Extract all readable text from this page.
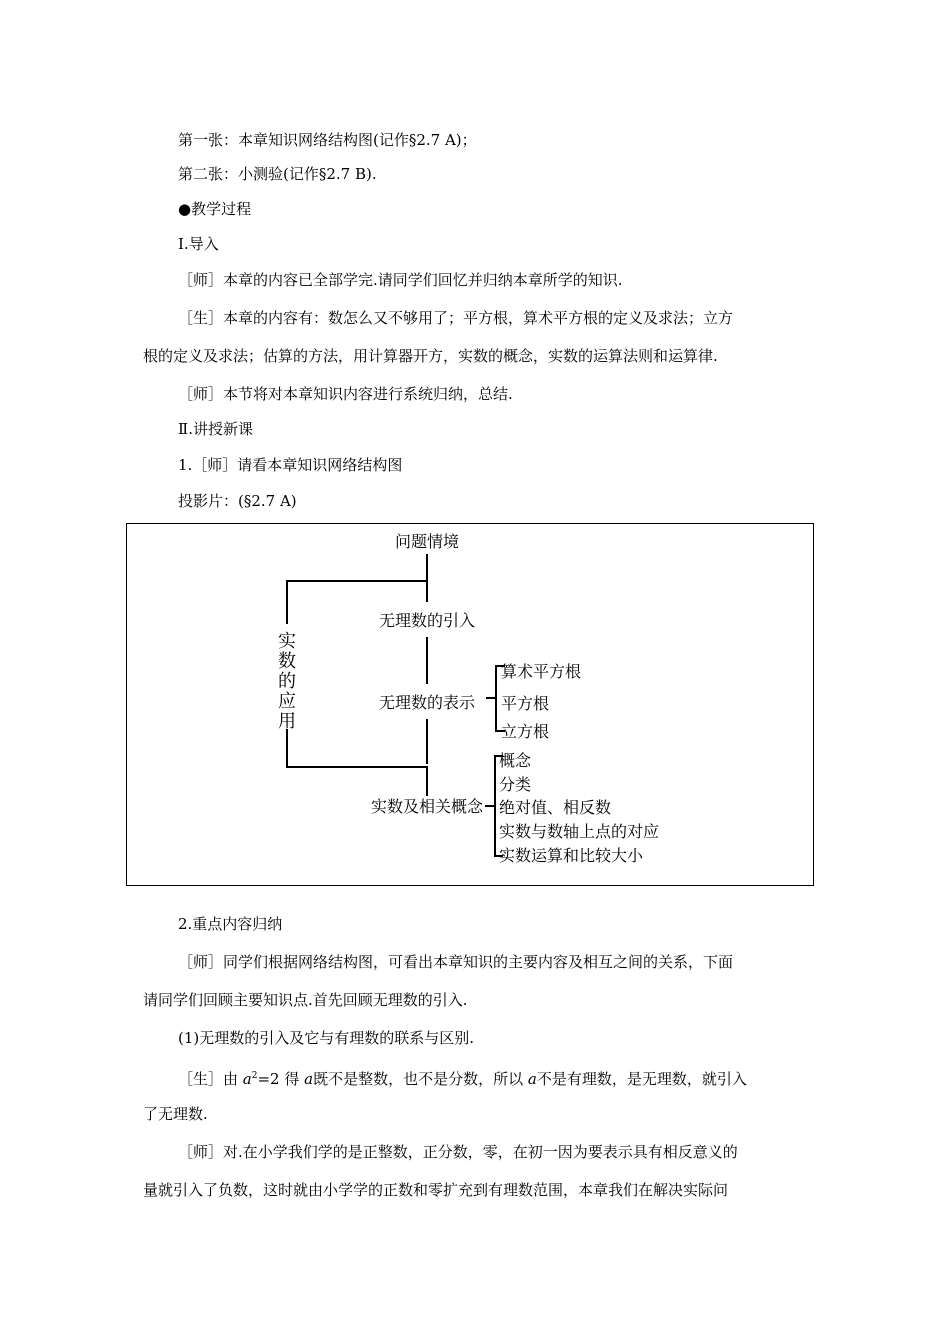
第一张：本章知识网络结构图(记作§2.7 A)；
第二张：小测验(记作§2.7 B).
●教学过程
Ⅰ.导入
［师］本章的内容已全部学完.请同学们回忆并归纳本章所学的知识.
［生］本章的内容有：数怎么又不够用了；平方根，算术平方根的定义及求法；立方
根的定义及求法；估算的方法，用计算器开方，实数的概念，实数的运算法则和运算律.
［师］本节将对本章知识内容进行系统归纳，总结.
Ⅱ.讲授新课
1.［师］请看本章知识网络结构图
投影片：(§2.7 A)
问题情境
实
数
的
应
用
无理数的引入
无理数的表示
实数及相关概念
算术平方根
平方根
立方根
概念
分类
绝对值、相反数
实数与数轴上点的对应
实数运算和比较大小
2.重点内容归纳
［师］同学们根据网络结构图，可看出本章知识的主要内容及相互之间的关系，下面
请同学们回顾主要知识点.首先回顾无理数的引入.
(1)无理数的引入及它与有理数的联系与区别.
［生］由 $a^2=2$ 得 a既不是整数，也不是分数，所以 a不是有理数，是无理数，就引入
了无理数.
［师］对.在小学我们学的是正整数，正分数，零，在初一因为要表示具有相反意义的
量就引入了负数，这时就由小学学的正数和零扩充到有理数范围，本章我们在解决实际问
